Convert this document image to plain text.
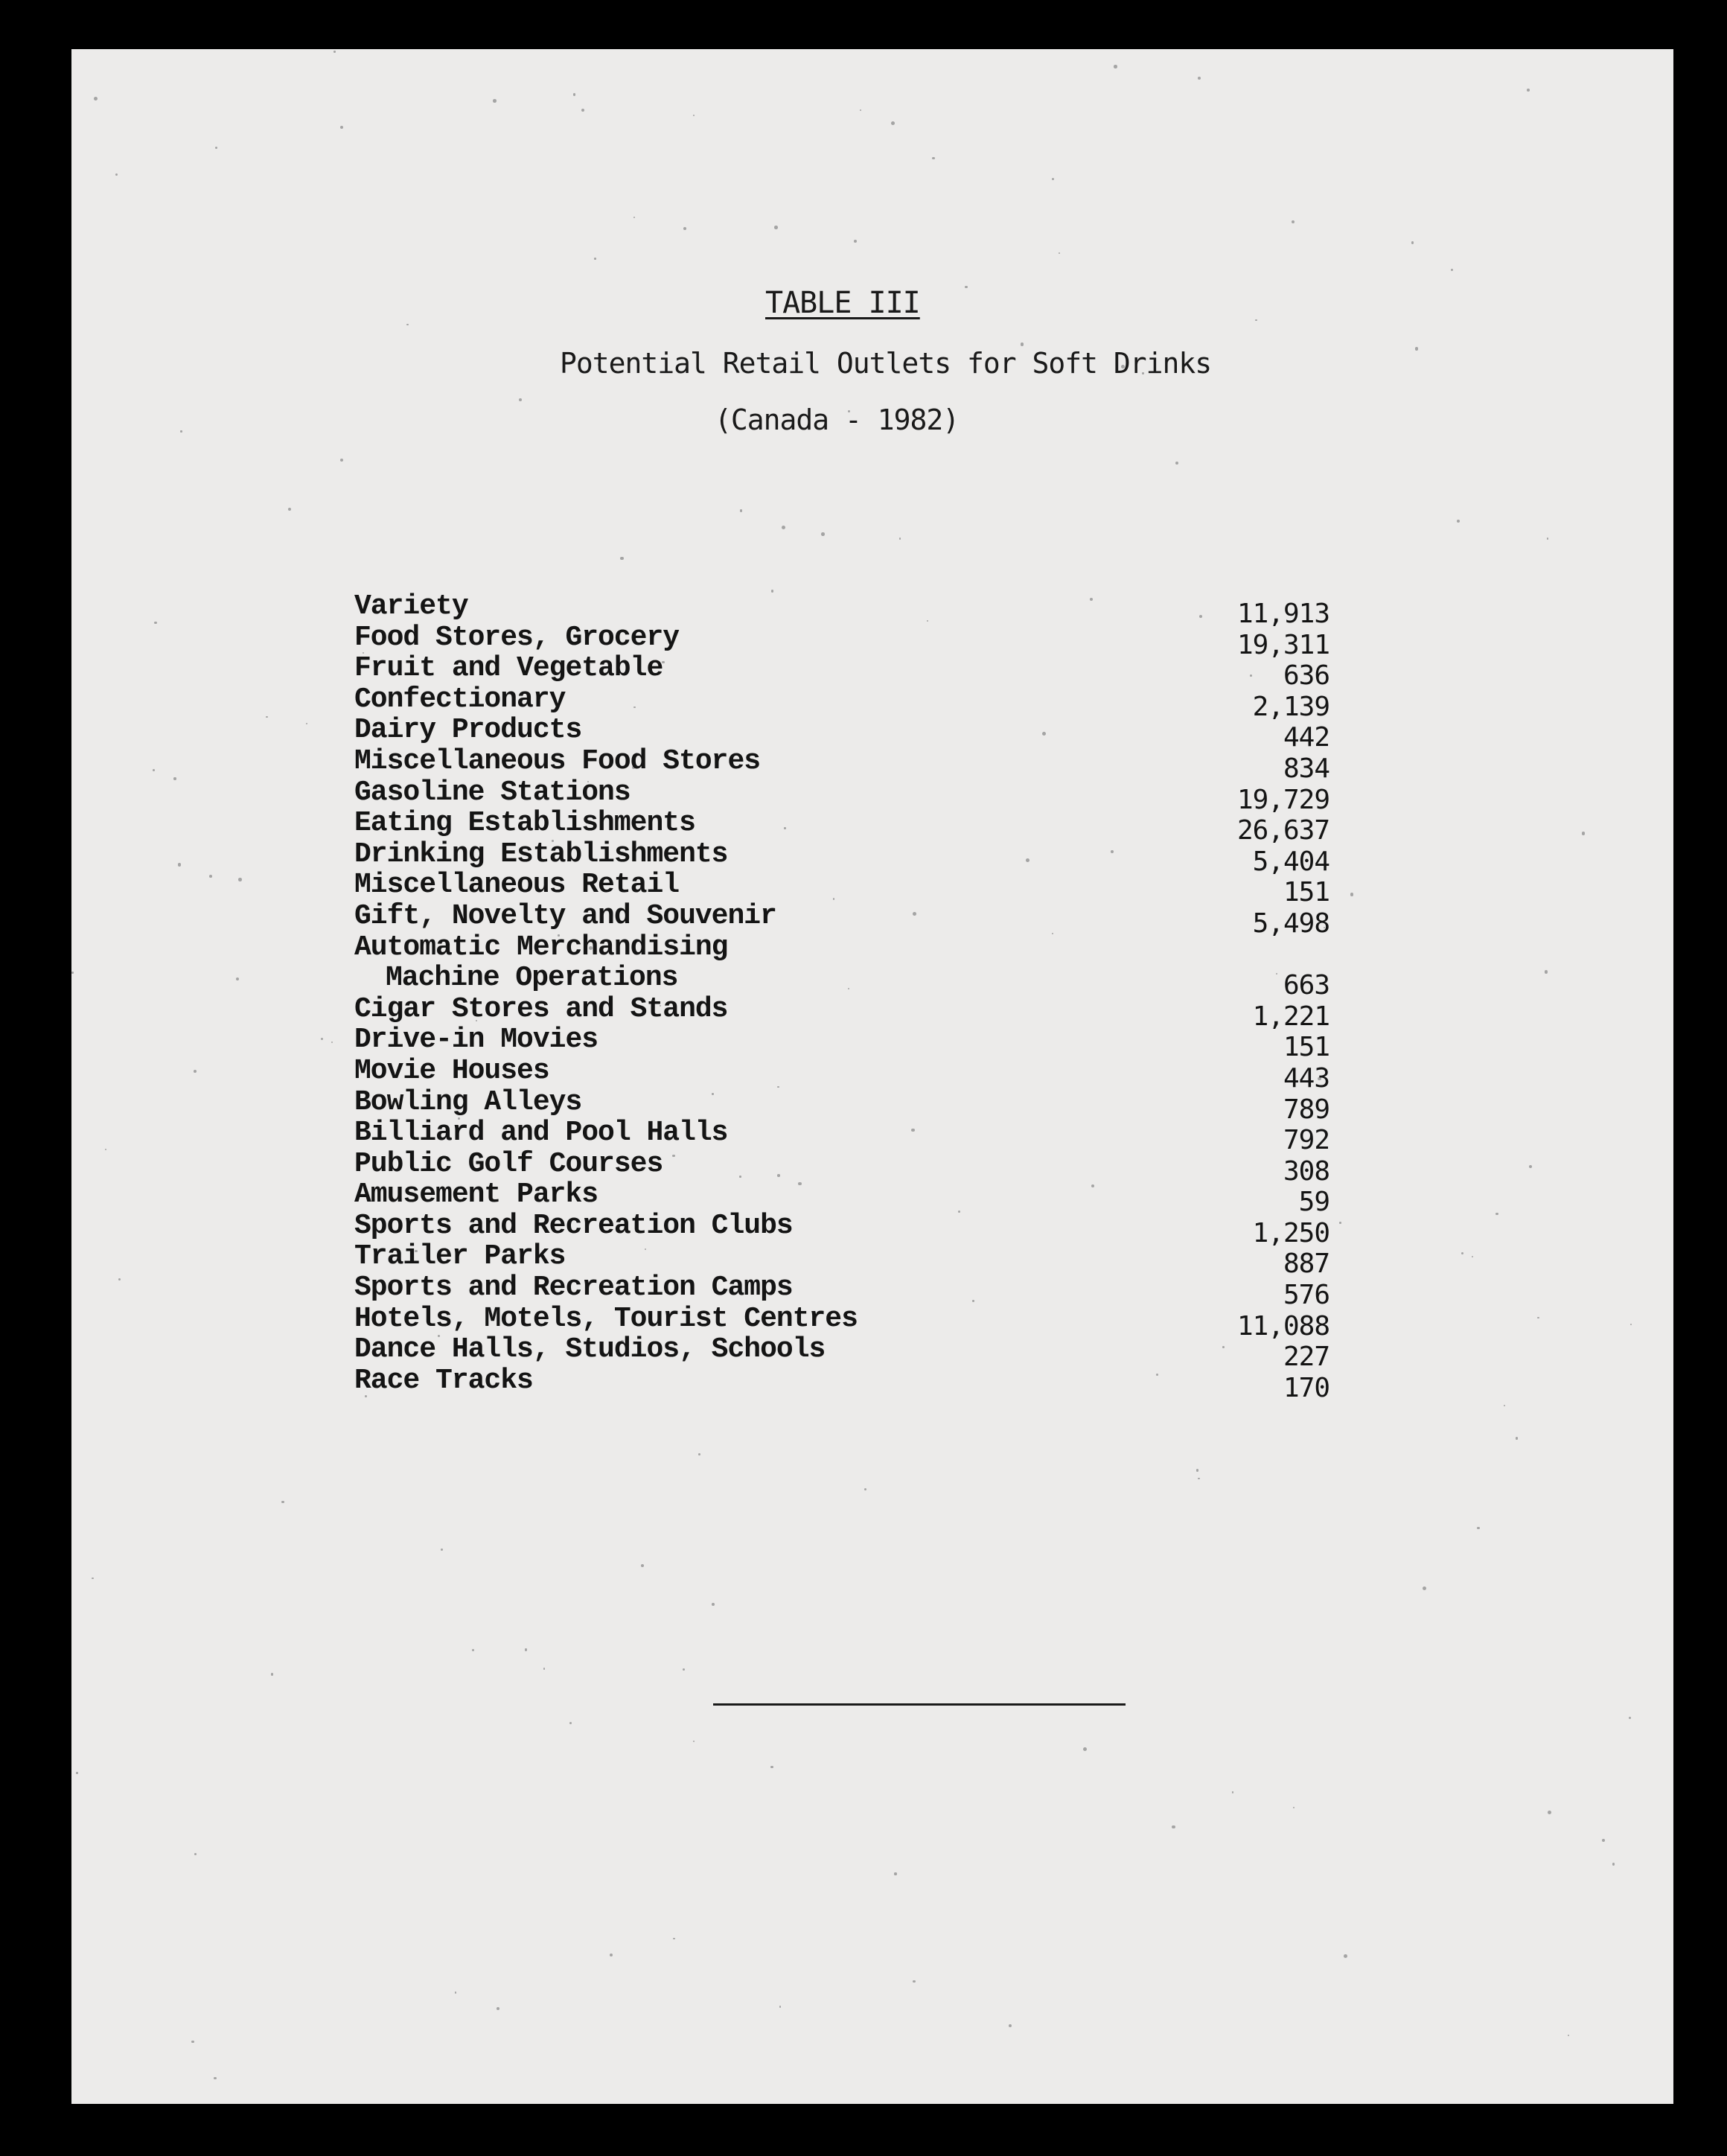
TABLE III
Potential Retail Outlets for Soft Drinks
(Canada - 1982)
Variety	11,913
Food Stores, Grocery	19,311
Fruit and Vegetable	636
Confectionary	2,139
Dairy Products	442
Miscellaneous Food Stores	834
Gasoline Stations	19,729
Eating Establishments	26,637
Drinking Establishments	5,404
Miscellaneous Retail	151
Gift, Novelty and Souvenir	5,498
Automatic Merchandising
Machine Operations	663
Cigar Stores and Stands	1,221
Drive-in Movies	151
Movie Houses	443
Bowling Alleys	789
Billiard and Pool Halls	792
Public Golf Courses	308
Amusement Parks	59
Sports and Recreation Clubs	1,250
Trailer Parks	887
Sports and Recreation Camps	576
Hotels, Motels, Tourist Centres	11,088
Dance Halls, Studios, Schools	227
Race Tracks	170
